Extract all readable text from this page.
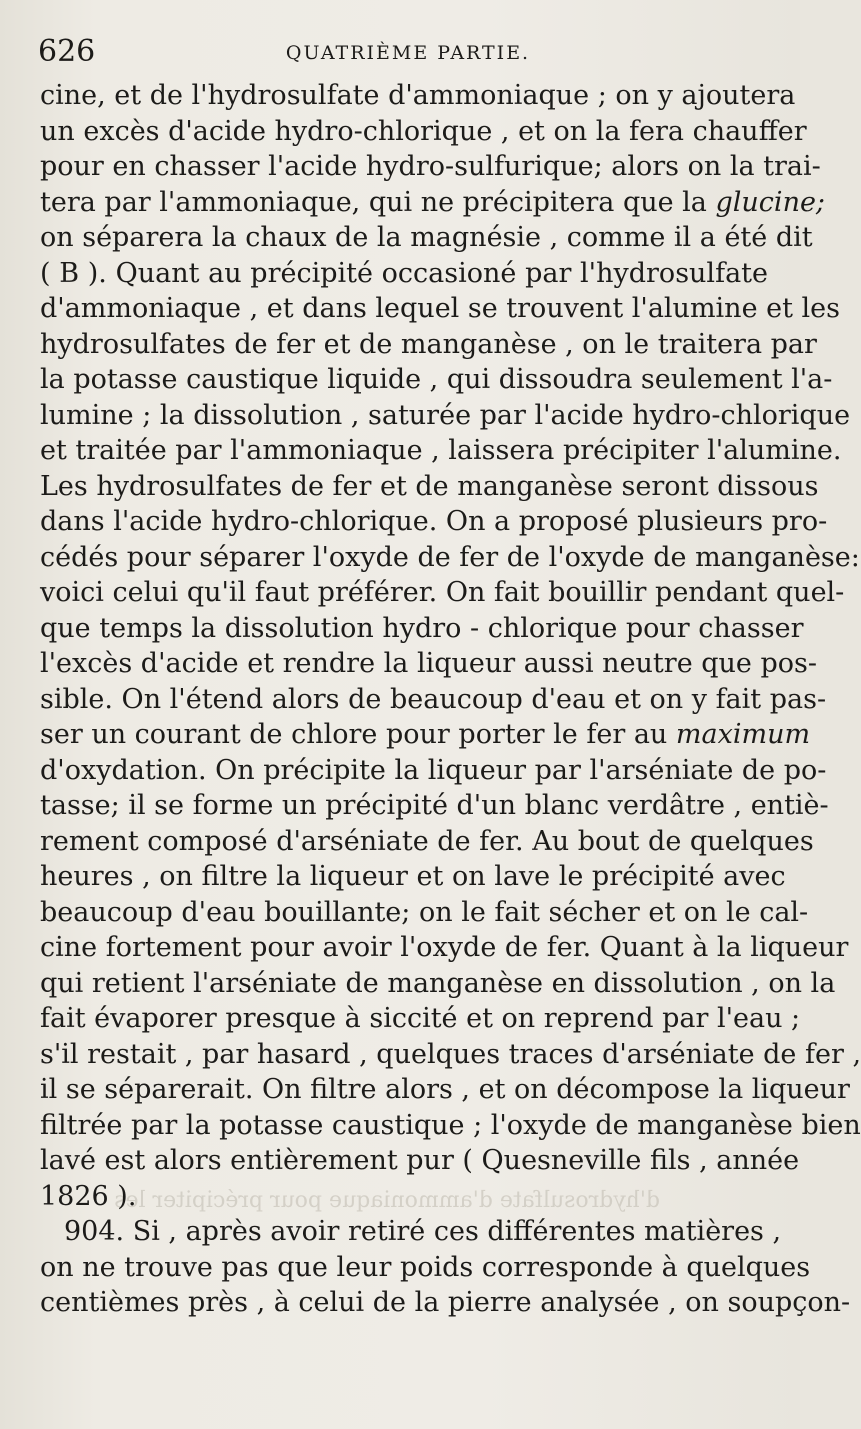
626	QUATRIÈME PARTIE.
d'hydrosulfate d'ammoniaque pour précipiter les
cine, et de l'hydrosulfate d'ammoniaque ; on y ajoutera
un excès d'acide hydro-chlorique , et on la fera chauffer
pour en chasser l'acide hydro-sulfurique; alors on la trai-
tera par l'ammoniaque, qui ne précipitera que la glucine;
on séparera la chaux de la magnésie , comme il a été dit
( B ). Quant au précipité occasioné par l'hydrosulfate
d'ammoniaque , et dans lequel se trouvent l'alumine et les
hydrosulfates de fer et de manganèse , on le traitera par
la potasse caustique liquide , qui dissoudra seulement l'a-
lumine ; la dissolution , saturée par l'acide hydro-chlorique
et traitée par l'ammoniaque , laissera précipiter l'alumine.
Les hydrosulfates de fer et de manganèse seront dissous
dans l'acide hydro-chlorique. On a proposé plusieurs pro-
cédés pour séparer l'oxyde de fer de l'oxyde de manganèse:
voici celui qu'il faut préférer. On fait bouillir pendant quel-
que temps la dissolution hydro - chlorique pour chasser
l'excès d'acide et rendre la liqueur aussi neutre que pos-
sible. On l'étend alors de beaucoup d'eau et on y fait pas-
ser un courant de chlore pour porter le fer au maximum
d'oxydation. On précipite la liqueur par l'arséniate de po-
tasse; il se forme un précipité d'un blanc verdâtre , entiè-
rement composé d'arséniate de fer. Au bout de quelques
heures , on filtre la liqueur et on lave le précipité avec
beaucoup d'eau bouillante; on le fait sécher et on le cal-
cine fortement pour avoir l'oxyde de fer. Quant à la liqueur
qui retient l'arséniate de manganèse en dissolution , on la
fait évaporer presque à siccité et on reprend par l'eau ;
s'il restait , par hasard , quelques traces d'arséniate de fer ,
il se séparerait. On filtre alors , et on décompose la liqueur
filtrée par la potasse caustique ; l'oxyde de manganèse bien
lavé est alors entièrement pur ( Quesneville fils , année
1826 ).
904. Si , après avoir retiré ces différentes matières ,
on ne trouve pas que leur poids corresponde à quelques
centièmes près , à celui de la pierre analysée , on soupçon-
